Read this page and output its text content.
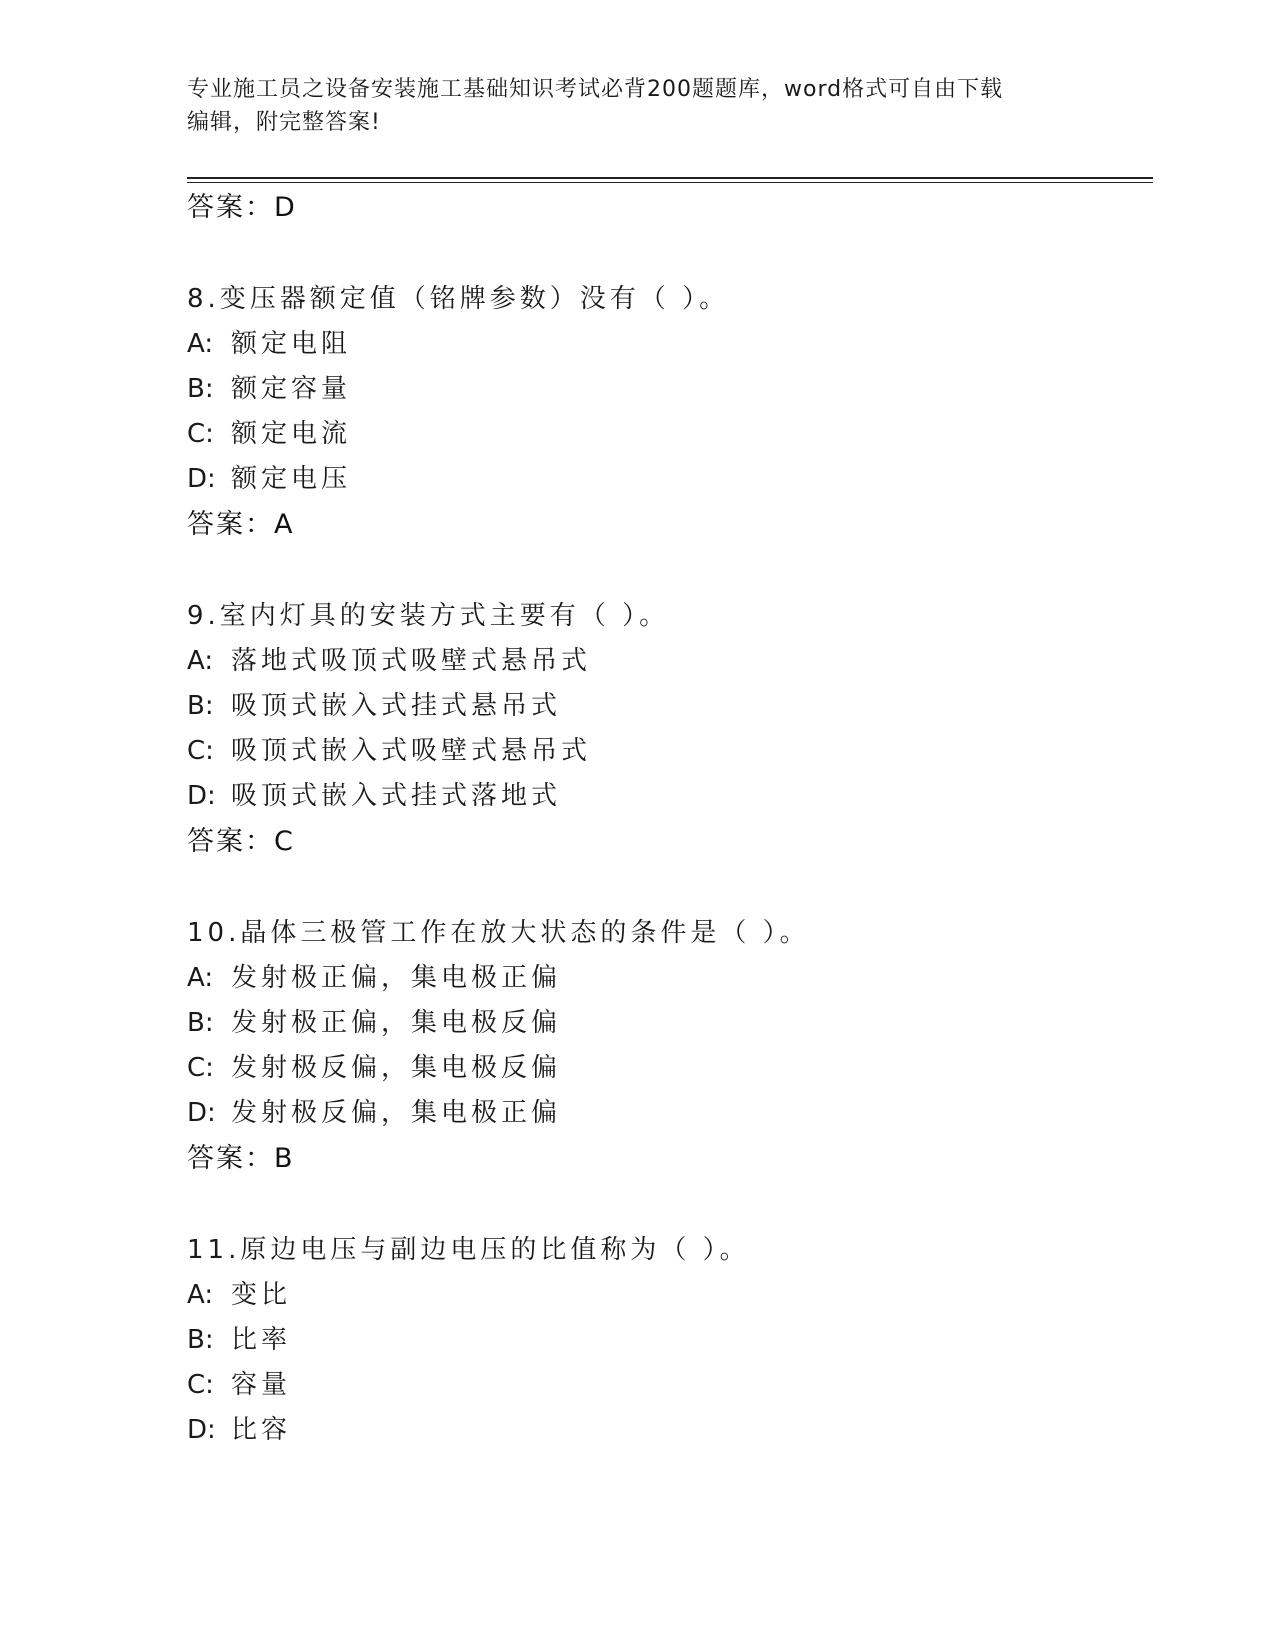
专业施工员之设备安装施工基础知识考试必背200题题库，word格式可自由下载
编辑，附完整答案!
答案：D
8.变压器额定值（铭牌参数）没有（ ）。
A: 额定电阻
B: 额定容量
C: 额定电流
D: 额定电压
答案：A
9.室内灯具的安装方式主要有（ ）。
A: 落地式吸顶式吸壁式悬吊式
B: 吸顶式嵌入式挂式悬吊式
C: 吸顶式嵌入式吸壁式悬吊式
D: 吸顶式嵌入式挂式落地式
答案：C
10.晶体三极管工作在放大状态的条件是（ ）。
A: 发射极正偏，集电极正偏
B: 发射极正偏，集电极反偏
C: 发射极反偏，集电极反偏
D: 发射极反偏，集电极正偏
答案：B
11.原边电压与副边电压的比值称为（ ）。
A: 变比
B: 比率
C: 容量
D: 比容
